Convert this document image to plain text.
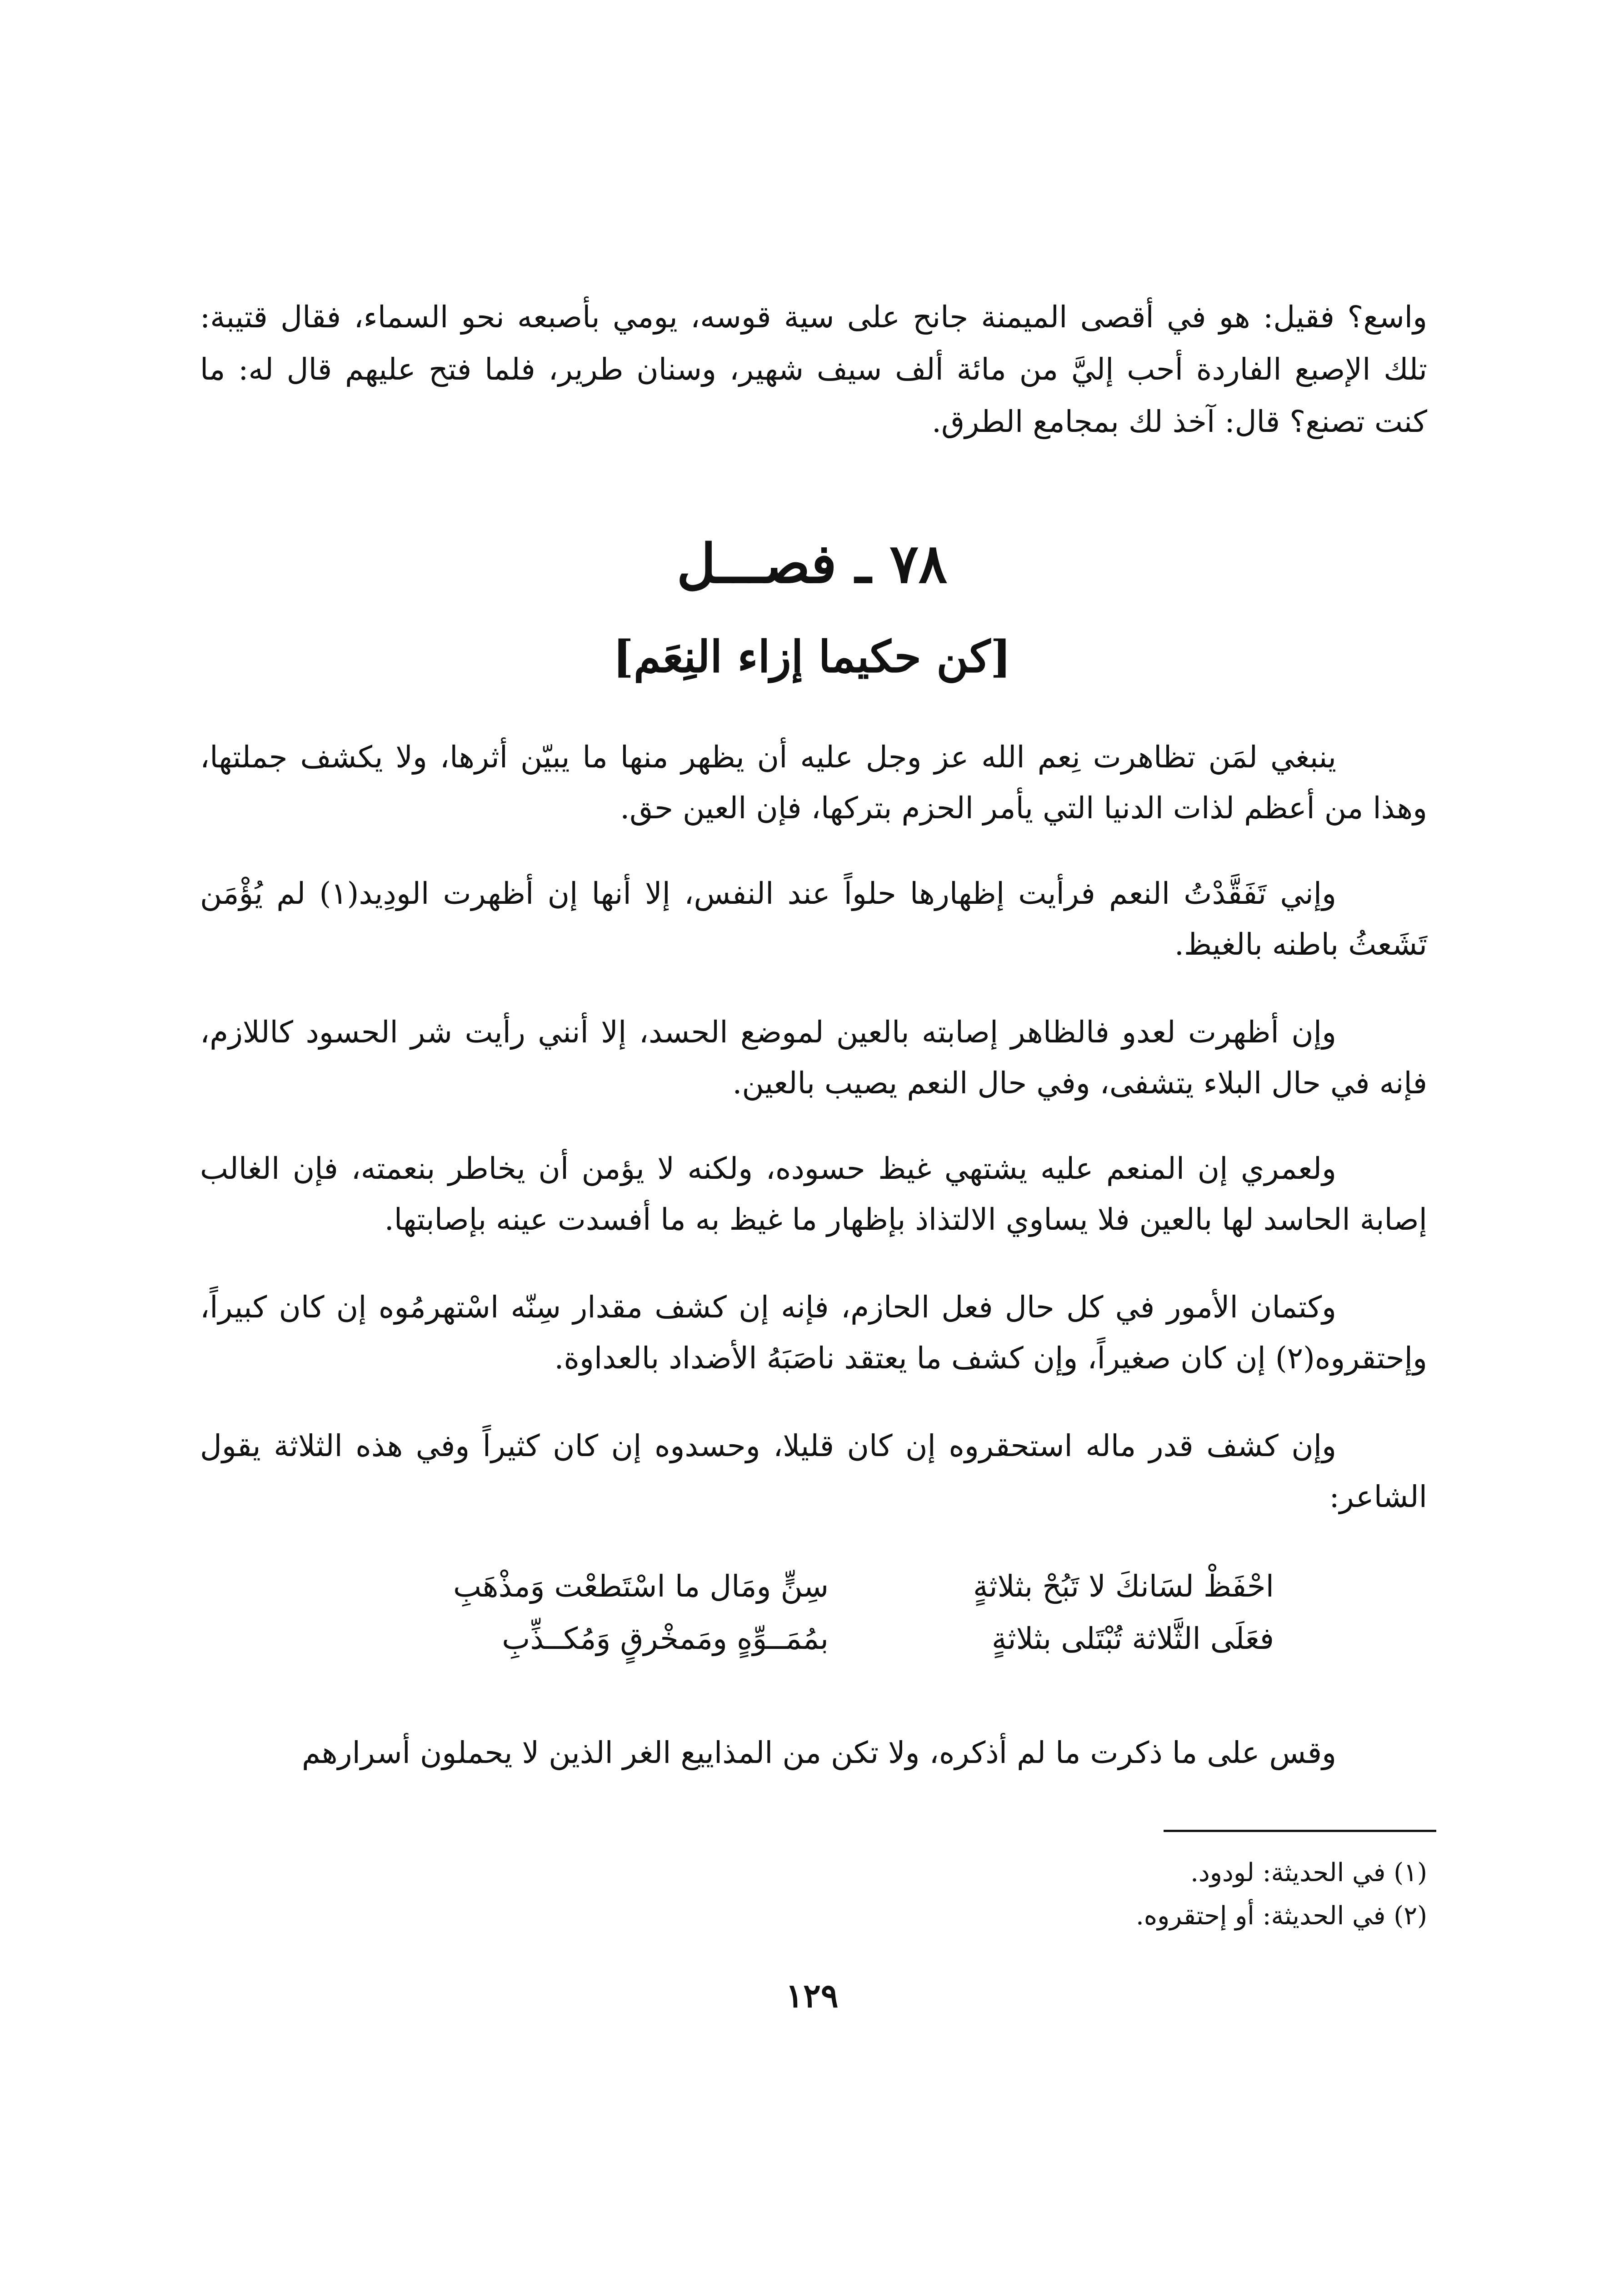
واسع؟ فقيل: هو في أقصى الميمنة جانح على سية قوسه، يومي بأصبعه نحو السماء، فقال قتيبة: تلك الإصبع الفاردة أحب إليَّ من مائة ألف سيف شهير، وسنان طرير، فلما فتح عليهم قال له: ما كنت تصنع؟ قال: آخذ لك بمجامع الطرق.

٧٨ ـ فصـــل
[كن حكيما إزاء النِعَم]

ينبغي لمَن تظاهرت نِعم الله عز وجل عليه أن يظهر منها ما يبيّن أثرها، ولا يكشف جملتها، وهذا من أعظم لذات الدنيا التي يأمر الحزم بتركها، فإن العين حق.

وإني تَفَقَّدْتُ النعم فرأيت إظهارها حلواً عند النفس، إلا أنها إن أظهرت الودِيد(١) لم يُؤْمَن تَشَعثُ باطنه بالغيظ.

وإن أظهرت لعدو فالظاهر إصابته بالعين لموضع الحسد، إلا أنني رأيت شر الحسود كاللازم، فإنه في حال البلاء يتشفى، وفي حال النعم يصيب بالعين.

ولعمري إن المنعم عليه يشتهي غيظ حسوده، ولكنه لا يؤمن أن يخاطر بنعمته، فإن الغالب إصابة الحاسد لها بالعين فلا يساوي الالتذاذ بإظهار ما غيظ به ما أفسدت عينه بإصابتها.

وكتمان الأمور في كل حال فعل الحازم، فإنه إن كشف مقدار سِنّه اسْتهرمُوه إن كان كبيراً، وإحتقروه(٢) إن كان صغيراً، وإن كشف ما يعتقد ناصَبَهُ الأضداد بالعداوة.

وإن كشف قدر ماله استحقروه إن كان قليلا، وحسدوه إن كان كثيراً وفي هذه الثلاثة يقول الشاعر:

احْفَظْ لسَانكَ لا تَبُحْ بثلاثةٍ
سِنٍّ ومَال ما اسْتَطعْت وَمذْهَبِ
فعَلَى الثَّلاثة تُبْتَلى بثلاثةٍ
بمُمَــوِّهٍ ومَمخْرقٍ وَمُكــذِّبِ

وقس على ما ذكرت ما لم أذكره، ولا تكن من المذاييع الغر الذين لا يحملون أسرارهم

(١) في الحديثة: لودود.
(٢) في الحديثة: أو إحتقروه.
١٢٩
